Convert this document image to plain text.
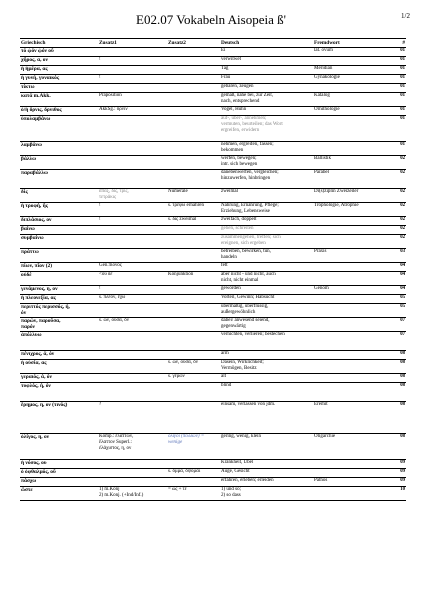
1/2
E02.07 Vokabeln Aisopeia ß'
Griechisch	Zusatz1	Zusatz2	Deutsch	Fremdwort	#

τό ᾠόν ᾠόν οὗ			Ei	lat. ovum	01

χῆρος, α, ον	!		verwitwet		01

ἡ ἡμέρα, ας			Tag	Meridian	01

ἡ γυνή, γυναικός	!		Frau	Gynäkologie	01

τίκτω			gebären, zeugen		01

κατά m.Akk.	Präposition		gemäß, nahe bei, zur Zeit,
nach, entsprechend	Katalog	01

ὁ/ἡ ὄρνις, ὄρνιθος	AkkSg.: ὄρνιν		Vogel, Huhn	Ornithologie	01

ὑπολαμβάνω			auf-, über-, annehmen;
vermuten, beurteilen; das Wort
ergreifen, erwidern		01

λαμβάνω			nehmen, ergreifen, fassen;
bekommen		01

βάλλω			werfen, bewegen;
intr. sich bewegen	Ballistik	02

παραβάλλω			danebenwerfen, vergleichen;
hinzuwerfen, hinbringen	Parabel	02

δίς	ἅπαξ, δίς, τρίς,
τετράκις	Numerale	zweimal	Di(s)ziplin Zweizeiler	02

ἡ τροφή, ῆς	!	s. τρέφω ernähren	Nahrung, Ernährung, Pflege;
Erziehung, Lebensweise	Trophologie, Atrophie	02

διπλάσιος, ον	!	s. δίς zweimal	zweifach, doppelt		02

βαίνω			gehen, schreiten		02

συμβαίνω			zusammengehen, treffen; sich
ereignen, sich ergeben		02

πράττω			betreiben, bewirken, tun,
handeln	Praxis	03

πίων, πῖον (2)	Gen.πίονος		fett		04

οὐδέ	<οὐ δέ	Konjunktion	aber nicht - und nicht, auch
nicht, nicht einmal		04

γενάμενος, η, ον	!		geworden	Genom	04

ἡ πλεονεξία, ας	s. πλέον, ἔχω		Vorteil, Gewinn; Habsucht		05

περιττός περισσός, ή,
όν			übermäßig, überflüssig,
außergewöhnlich		05

παρών, παροῦσα,
παρόν	s. ὤν, οὖσα, ὄν		dabei/ anwesend seiend,
gegenwärtig		07

ἀπόλλυω			vernichten, verlieren; bestechen		07

πένιχρος, ά, όν			arm		08

ἡ οὐσία, ας		s. ὤν, οὖσα, ὄν	Dasein, Wirklichkeit;
Vermögen, Besitz		08

γεραιός, ά, όν		s. γέρων	alt		08

τυφλός, ή, όν			blind		08

ἔρημος, η, ον (τινός)	?		einsam, verlassen von jdm.	Eremit	08

ὀλίγος, η, ον	Komp.: ἐλάττων,
ἔλαττον Superl.:
ἐλάχιστος, η, ον	ὀλίγοι (πολλῶν) = wenige	gering, wenig, klein	Oligarchie	08

ἡ νόσος, ου			Krankheit, Übel		09

ὁ ὀφθαλμός, οῦ		s. ὄμμα, ὄψομαι	Auge, Gesicht		09

πάσχω			erfahren, erleben; erleiden	Pathos	09

ὥστε	1) m.Konj
2) m.Konj. (+Ind/Inf.)	= ὡς + τε	1) und so;
2) so dass		10
